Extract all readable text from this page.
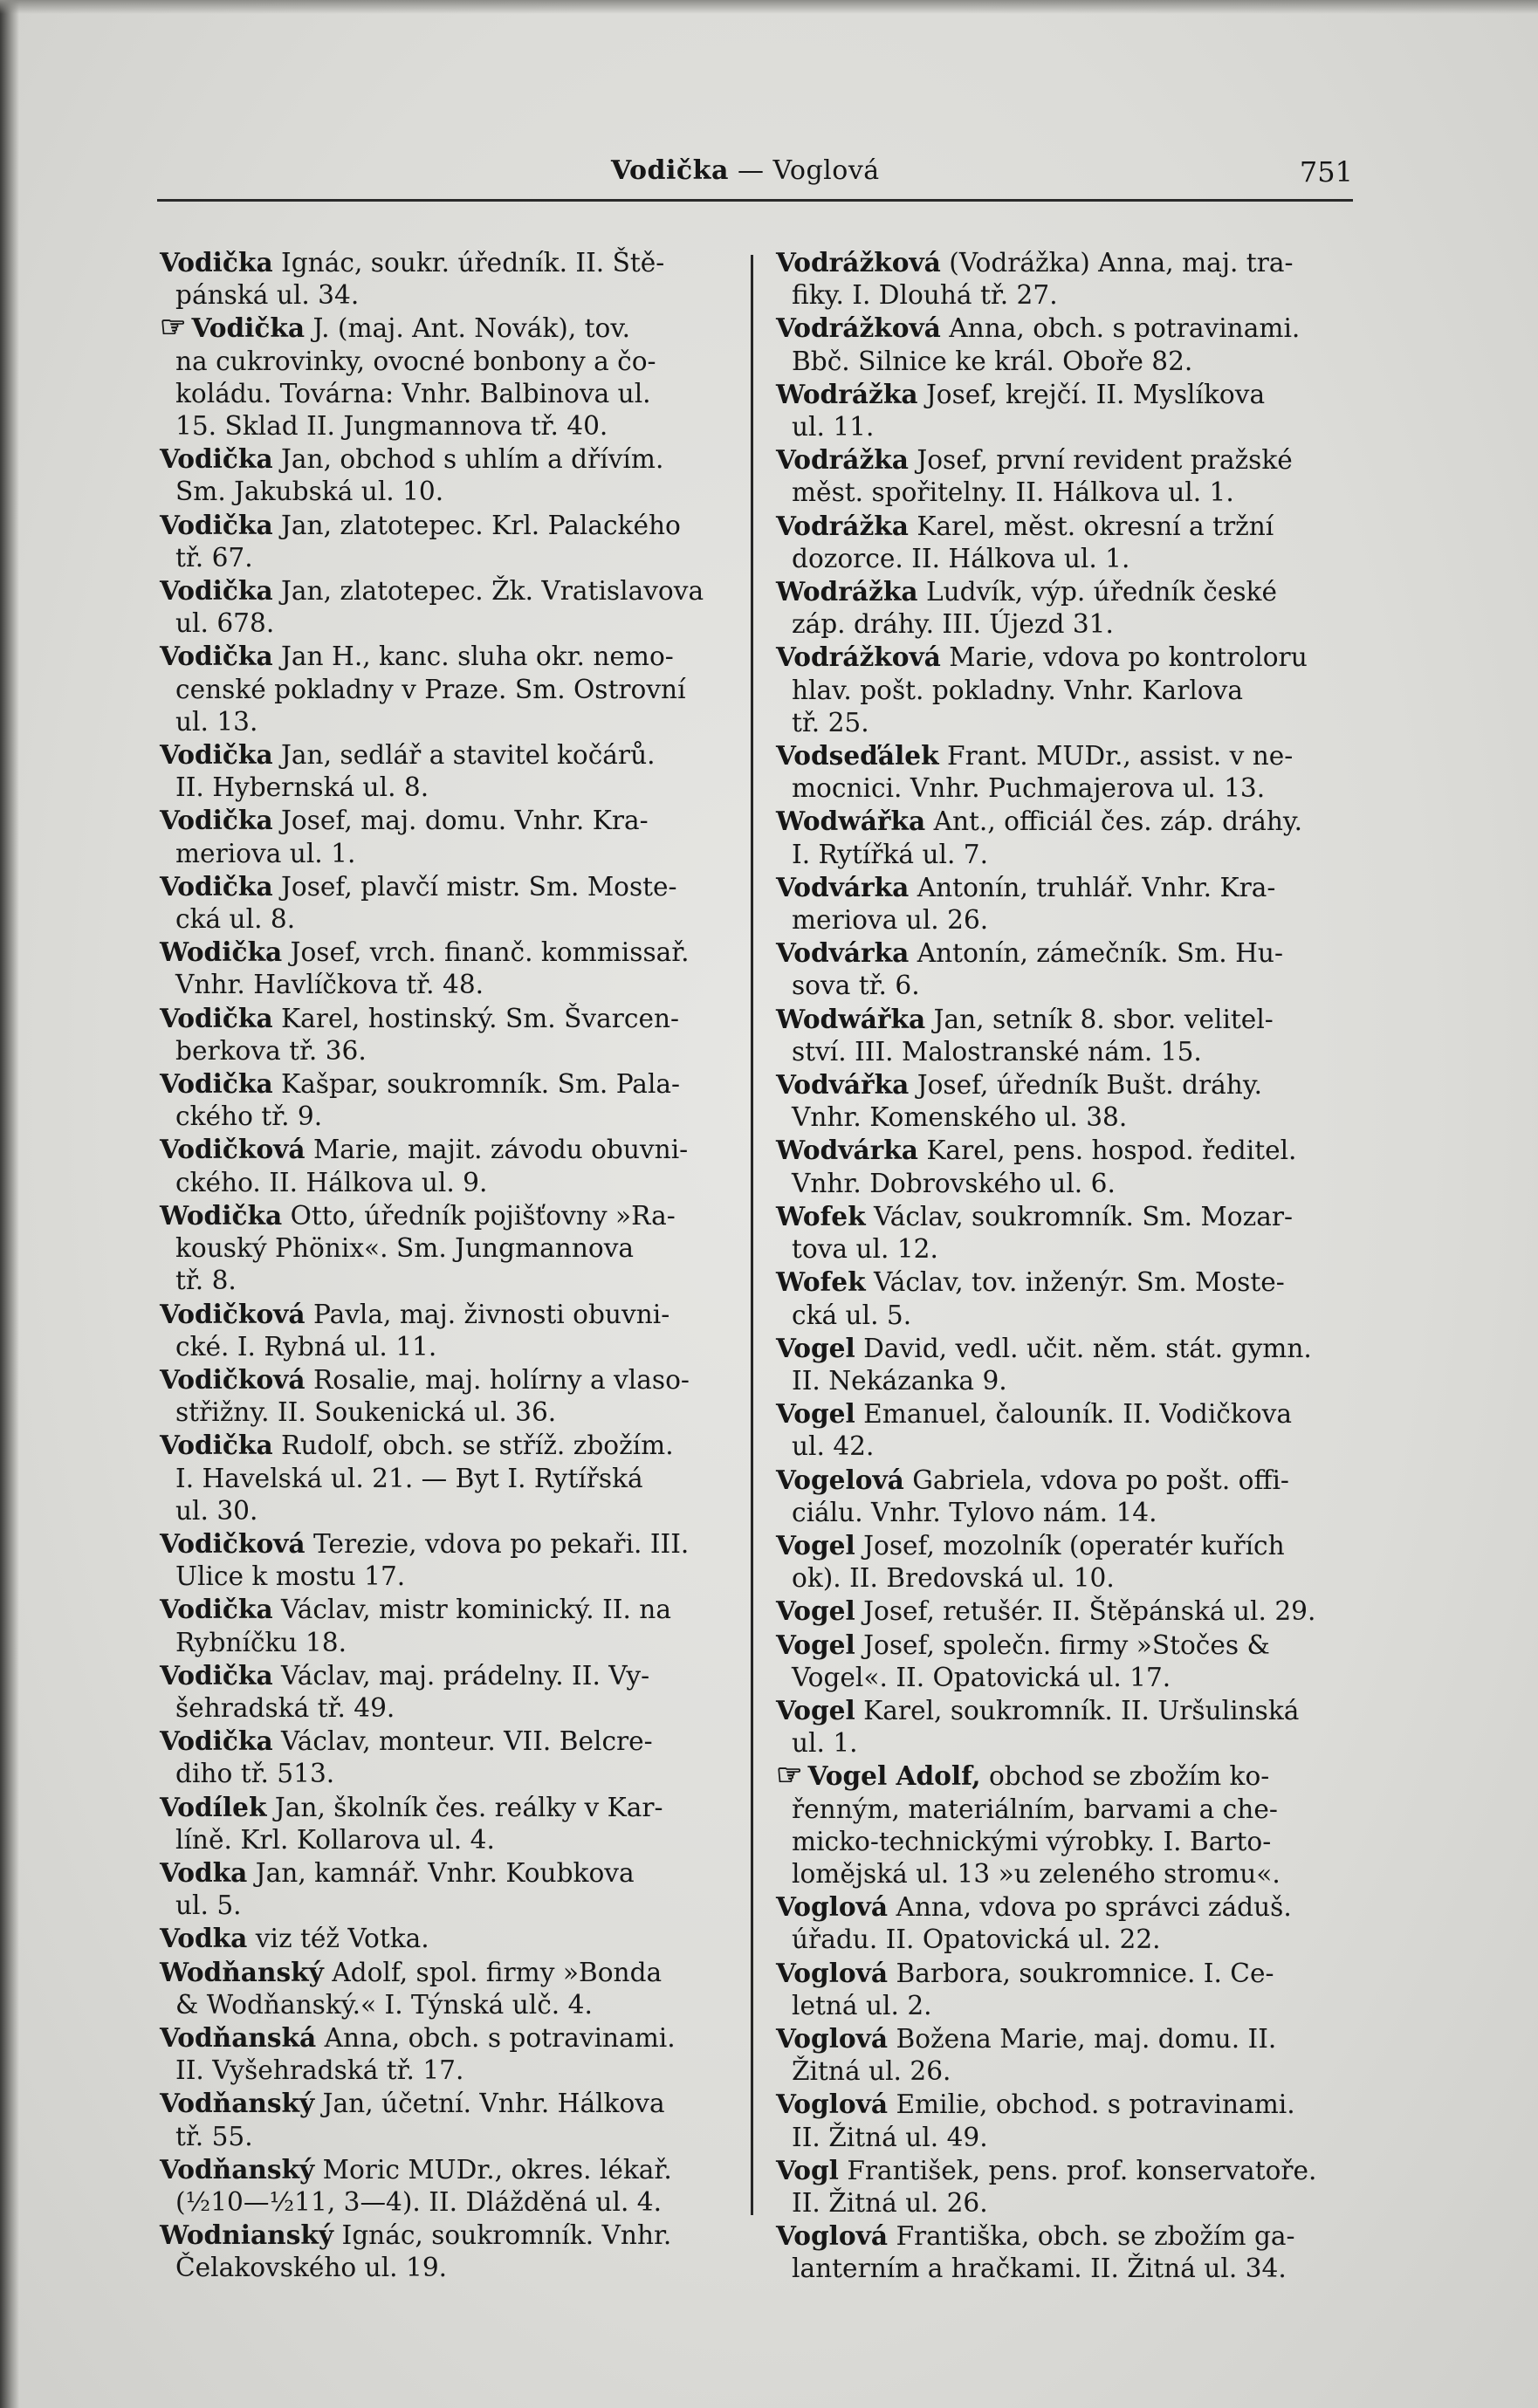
Vodička — Voglová	751
Vodička Ignác, soukr. úředník. II. Ště-
pánská ul. 34.
☞ Vodička J. (maj. Ant. Novák), tov.
na cukrovinky, ovocné bonbony a čo-
koládu. Továrna: Vnhr. Balbinova ul.
15. Sklad II. Jungmannova tř. 40.
Vodička Jan, obchod s uhlím a dřívím.
Sm. Jakubská ul. 10.
Vodička Jan, zlatotepec. Krl. Palackého
tř. 67.
Vodička Jan, zlatotepec. Žk. Vratislavova
ul. 678.
Vodička Jan H., kanc. sluha okr. nemo-
censké pokladny v Praze. Sm. Ostrovní
ul. 13.
Vodička Jan, sedlář a stavitel kočárů.
II. Hybernská ul. 8.
Vodička Josef, maj. domu. Vnhr. Kra-
meriova ul. 1.
Vodička Josef, plavčí mistr. Sm. Moste-
cká ul. 8.
Wodička Josef, vrch. finanč. kommissař.
Vnhr. Havlíčkova tř. 48.
Vodička Karel, hostinský. Sm. Švarcen-
berkova tř. 36.
Vodička Kašpar, soukromník. Sm. Pala-
ckého tř. 9.
Vodičková Marie, majit. závodu obuvni-
ckého. II. Hálkova ul. 9.
Wodička Otto, úředník pojišťovny »Ra-
kouský Phönix«. Sm. Jungmannova
tř. 8.
Vodičková Pavla, maj. živnosti obuvni-
cké. I. Rybná ul. 11.
Vodičková Rosalie, maj. holírny a vlaso-
střižny. II. Soukenická ul. 36.
Vodička Rudolf, obch. se stříž. zbožím.
I. Havelská ul. 21. — Byt I. Rytířská
ul. 30.
Vodičková Terezie, vdova po pekaři. III.
Ulice k mostu 17.
Vodička Václav, mistr kominický. II. na
Rybníčku 18.
Vodička Václav, maj. prádelny. II. Vy-
šehradská tř. 49.
Vodička Václav, monteur. VII. Belcre-
diho tř. 513.
Vodílek Jan, školník čes. reálky v Kar-
líně. Krl. Kollarova ul. 4.
Vodka Jan, kamnář. Vnhr. Koubkova
ul. 5.
Vodka viz též Votka.
Wodňanský Adolf, spol. firmy »Bonda
& Wodňanský.« I. Týnská ulč. 4.
Vodňanská Anna, obch. s potravinami.
II. Vyšehradská tř. 17.
Vodňanský Jan, účetní. Vnhr. Hálkova
tř. 55.
Vodňanský Moric MUDr., okres. lékař.
(½10—½11, 3—4). II. Dlážděná ul. 4.
Wodnianský Ignác, soukromník. Vnhr.
Čelakovského ul. 19.
Vodrážková (Vodrážka) Anna, maj. tra-
fiky. I. Dlouhá tř. 27.
Vodrážková Anna, obch. s potravinami.
Bbč. Silnice ke král. Oboře 82.
Wodrážka Josef, krejčí. II. Myslíkova
ul. 11.
Vodrážka Josef, první revident pražské
měst. spořitelny. II. Hálkova ul. 1.
Vodrážka Karel, měst. okresní a tržní
dozorce. II. Hálkova ul. 1.
Wodrážka Ludvík, výp. úředník české
záp. dráhy. III. Újezd 31.
Vodrážková Marie, vdova po kontroloru
hlav. pošt. pokladny. Vnhr. Karlova
tř. 25.
Vodseďálek Frant. MUDr., assist. v ne-
mocnici. Vnhr. Puchmajerova ul. 13.
Wodwářka Ant., officiál čes. záp. dráhy.
I. Rytířká ul. 7.
Vodvárka Antonín, truhlář. Vnhr. Kra-
meriova ul. 26.
Vodvárka Antonín, zámečník. Sm. Hu-
sova tř. 6.
Wodwářka Jan, setník 8. sbor. velitel-
ství. III. Malostranské nám. 15.
Vodvářka Josef, úředník Bušt. dráhy.
Vnhr. Komenského ul. 38.
Wodvárka Karel, pens. hospod. ředitel.
Vnhr. Dobrovského ul. 6.
Wofek Václav, soukromník. Sm. Mozar-
tova ul. 12.
Wofek Václav, tov. inženýr. Sm. Moste-
cká ul. 5.
Vogel David, vedl. učit. něm. stát. gymn.
II. Nekázanka 9.
Vogel Emanuel, čalouník. II. Vodičkova
ul. 42.
Vogelová Gabriela, vdova po pošt. offi-
ciálu. Vnhr. Tylovo nám. 14.
Vogel Josef, mozolník (operatér kuřích
ok). II. Bredovská ul. 10.
Vogel Josef, retušér. II. Štěpánská ul. 29.
Vogel Josef, společn. firmy »Stočes &
Vogel«. II. Opatovická ul. 17.
Vogel Karel, soukromník. II. Uršulinská
ul. 1.
☞ Vogel Adolf, obchod se zbožím ko-
řenným, materiálním, barvami a che-
micko-technickými výrobky. I. Barto-
lomějská ul. 13 »u zeleného stromu«.
Voglová Anna, vdova po správci záduš.
úřadu. II. Opatovická ul. 22.
Voglová Barbora, soukromnice. I. Ce-
letná ul. 2.
Voglová Božena Marie, maj. domu. II.
Žitná ul. 26.
Voglová Emilie, obchod. s potravinami.
II. Žitná ul. 49.
Vogl František, pens. prof. konservatoře.
II. Žitná ul. 26.
Voglová Františka, obch. se zbožím ga-
lanterním a hračkami. II. Žitná ul. 34.
